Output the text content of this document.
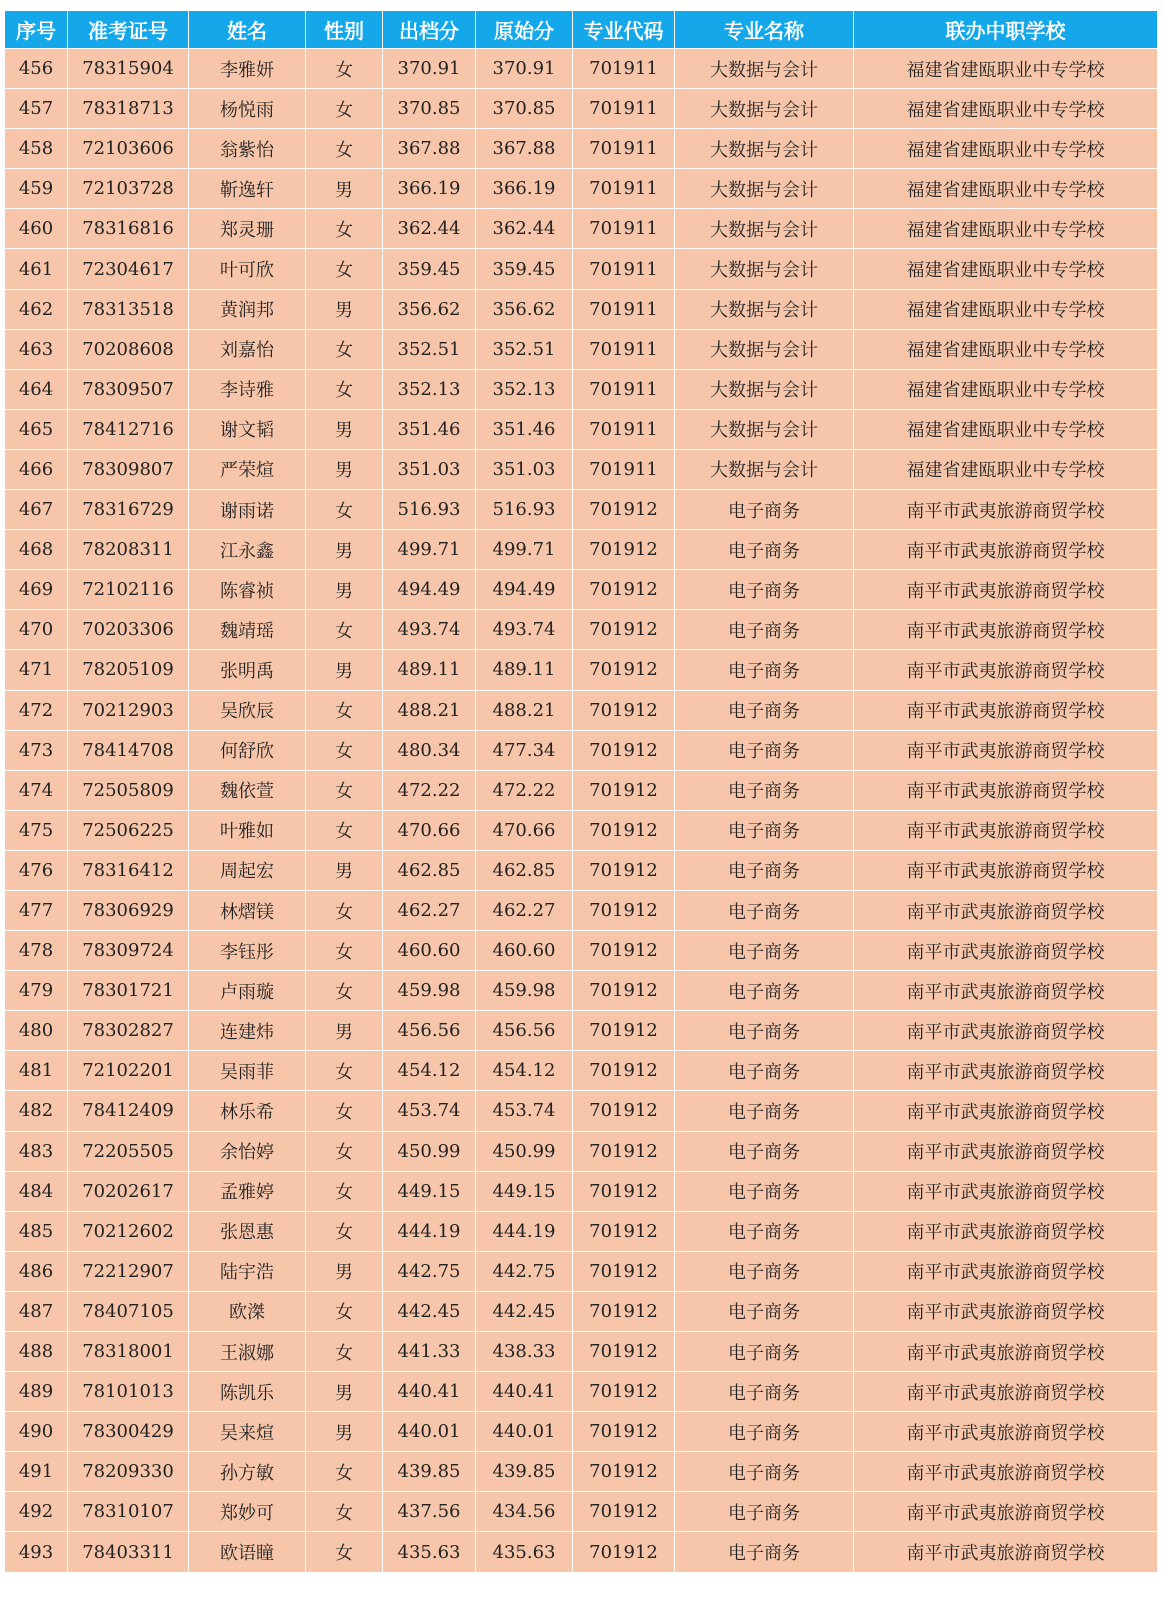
序号	准考证号	姓名	性别	出档分	原始分	专业代码	专业名称	联办中职学校
456	78315904	李雅妍	女	370.91	370.91	701911	大数据与会计	福建省建瓯职业中专学校
457	78318713	杨悦雨	女	370.85	370.85	701911	大数据与会计	福建省建瓯职业中专学校
458	72103606	翁紫怡	女	367.88	367.88	701911	大数据与会计	福建省建瓯职业中专学校
459	72103728	靳逸轩	男	366.19	366.19	701911	大数据与会计	福建省建瓯职业中专学校
460	78316816	郑灵珊	女	362.44	362.44	701911	大数据与会计	福建省建瓯职业中专学校
461	72304617	叶可欣	女	359.45	359.45	701911	大数据与会计	福建省建瓯职业中专学校
462	78313518	黄润邦	男	356.62	356.62	701911	大数据与会计	福建省建瓯职业中专学校
463	70208608	刘嘉怡	女	352.51	352.51	701911	大数据与会计	福建省建瓯职业中专学校
464	78309507	李诗雅	女	352.13	352.13	701911	大数据与会计	福建省建瓯职业中专学校
465	78412716	谢文韬	男	351.46	351.46	701911	大数据与会计	福建省建瓯职业中专学校
466	78309807	严荣煊	男	351.03	351.03	701911	大数据与会计	福建省建瓯职业中专学校
467	78316729	谢雨诺	女	516.93	516.93	701912	电子商务	南平市武夷旅游商贸学校
468	78208311	江永鑫	男	499.71	499.71	701912	电子商务	南平市武夷旅游商贸学校
469	72102116	陈睿祯	男	494.49	494.49	701912	电子商务	南平市武夷旅游商贸学校
470	70203306	魏靖瑶	女	493.74	493.74	701912	电子商务	南平市武夷旅游商贸学校
471	78205109	张明禹	男	489.11	489.11	701912	电子商务	南平市武夷旅游商贸学校
472	70212903	吴欣辰	女	488.21	488.21	701912	电子商务	南平市武夷旅游商贸学校
473	78414708	何舒欣	女	480.34	477.34	701912	电子商务	南平市武夷旅游商贸学校
474	72505809	魏依萱	女	472.22	472.22	701912	电子商务	南平市武夷旅游商贸学校
475	72506225	叶雅如	女	470.66	470.66	701912	电子商务	南平市武夷旅游商贸学校
476	78316412	周起宏	男	462.85	462.85	701912	电子商务	南平市武夷旅游商贸学校
477	78306929	林熠镁	女	462.27	462.27	701912	电子商务	南平市武夷旅游商贸学校
478	78309724	李钰彤	女	460.60	460.60	701912	电子商务	南平市武夷旅游商贸学校
479	78301721	卢雨璇	女	459.98	459.98	701912	电子商务	南平市武夷旅游商贸学校
480	78302827	连建炜	男	456.56	456.56	701912	电子商务	南平市武夷旅游商贸学校
481	72102201	吴雨菲	女	454.12	454.12	701912	电子商务	南平市武夷旅游商贸学校
482	78412409	林乐希	女	453.74	453.74	701912	电子商务	南平市武夷旅游商贸学校
483	72205505	余怡婷	女	450.99	450.99	701912	电子商务	南平市武夷旅游商贸学校
484	70202617	孟雅婷	女	449.15	449.15	701912	电子商务	南平市武夷旅游商贸学校
485	70212602	张恩惠	女	444.19	444.19	701912	电子商务	南平市武夷旅游商贸学校
486	72212907	陆宇浩	男	442.75	442.75	701912	电子商务	南平市武夷旅游商贸学校
487	78407105	欧滐	女	442.45	442.45	701912	电子商务	南平市武夷旅游商贸学校
488	78318001	王淑娜	女	441.33	438.33	701912	电子商务	南平市武夷旅游商贸学校
489	78101013	陈凯乐	男	440.41	440.41	701912	电子商务	南平市武夷旅游商贸学校
490	78300429	吴来煊	男	440.01	440.01	701912	电子商务	南平市武夷旅游商贸学校
491	78209330	孙方敏	女	439.85	439.85	701912	电子商务	南平市武夷旅游商贸学校
492	78310107	郑妙可	女	437.56	434.56	701912	电子商务	南平市武夷旅游商贸学校
493	78403311	欧语瞳	女	435.63	435.63	701912	电子商务	南平市武夷旅游商贸学校
